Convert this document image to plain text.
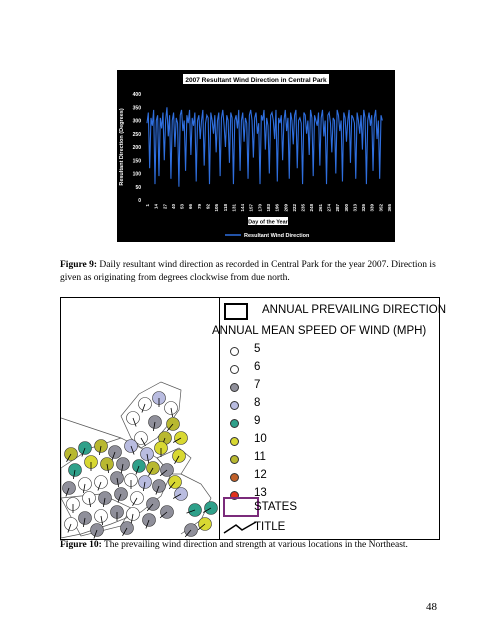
2007 Resultant Wind Direction in Central Park
0
50
100
150
200
250
300
350
400
Resultant Direction (Degrees)
1 14 27 40 53 66 79 92 105 118 131 144 157 170 183 196 209 222 235 248 261 274 287 300 313 326 339 352 365
Day of the Year
Resultant Wind Direction
Figure 9: Daily resultant wind direction as recorded in Central Park for the year 2007. Direction is given as originating from degrees clockwise from due north.
ANNUAL PREVAILING DIRECTION
ANNUAL MEAN SPEED OF WIND (MPH)
5
6
7
8
9
10
11
12
13
STATES
TITLE
Figure 10: The prevailing wind direction and strength at various locations in the Northeast.
48
